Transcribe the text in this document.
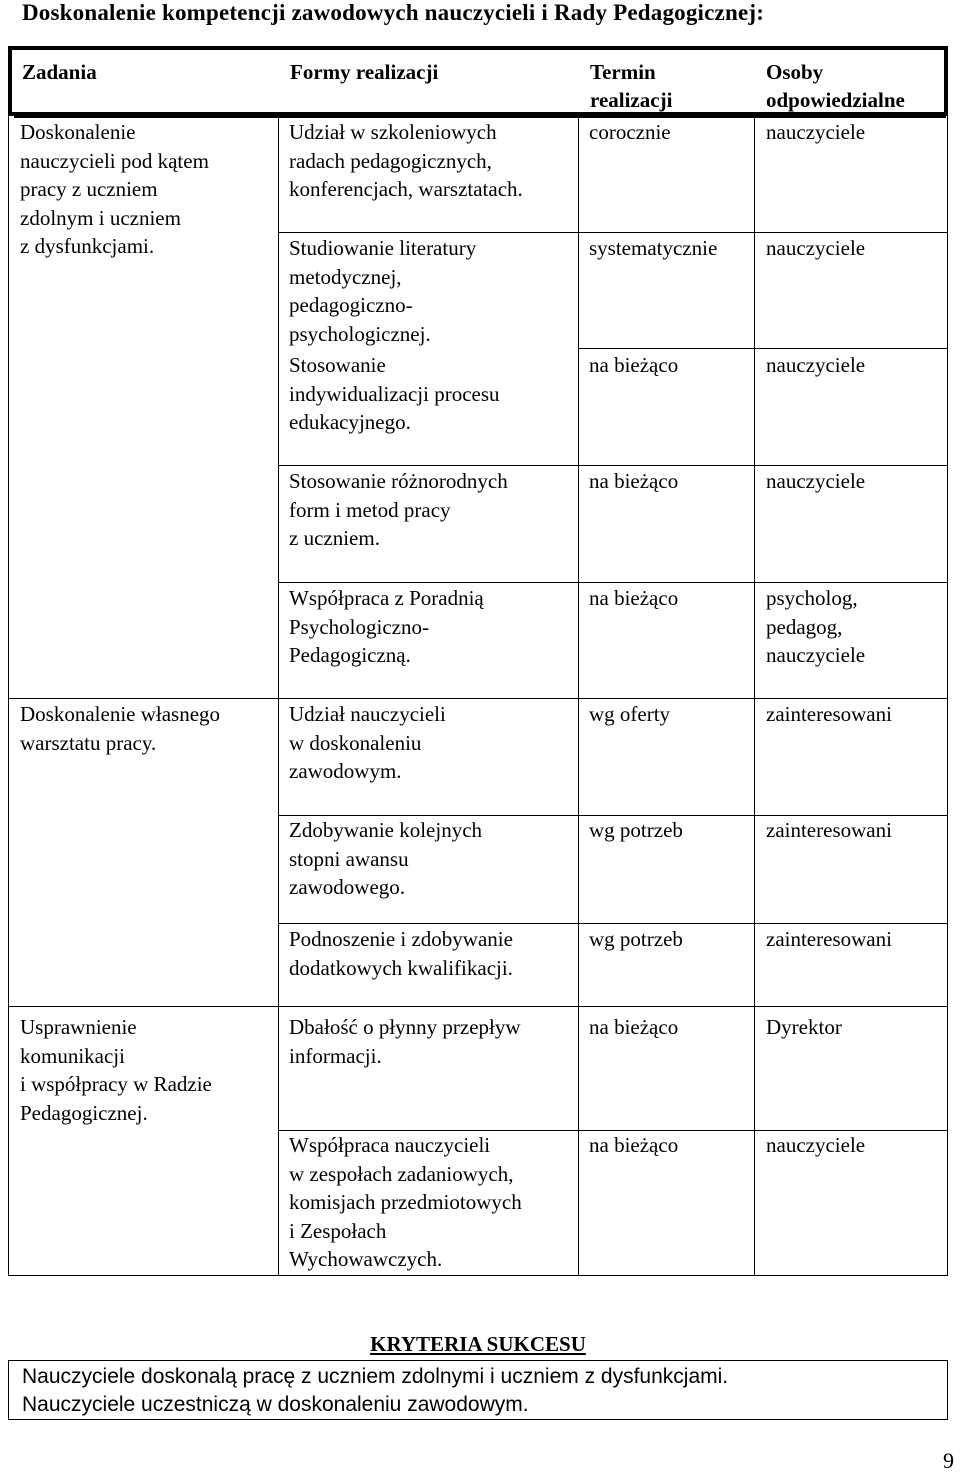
Doskonalenie kompetencji zawodowych nauczycieli i Rady Pedagogicznej:
Zadania	Formy realizacji	Termin
realizacji
Osoby
odpowiedzialne
Doskonalenie
nauczycieli pod kątem
pracy z uczniem
zdolnym i uczniem
z dysfunkcjami.
Doskonalenie własnego
warsztatu pracy.
Usprawnienie
komunikacji
i współpracy w Radzie
Pedagogicznej.
Udział w szkoleniowych
radach pedagogicznych,
konferencjach, warsztatach.
Studiowanie literatury
metodycznej,
pedagogiczno-
psychologicznej.
Stosowanie
indywidualizacji procesu
edukacyjnego.
Stosowanie różnorodnych
form i metod pracy
z uczniem.
Współpraca z Poradnią
Psychologiczno-
Pedagogiczną.
Udział nauczycieli
w doskonaleniu
zawodowym.
Zdobywanie kolejnych
stopni awansu
zawodowego.
Podnoszenie i zdobywanie
dodatkowych kwalifikacji.
Dbałość o płynny przepływ
informacji.
Współpraca nauczycieli
w zespołach zadaniowych,
komisjach przedmiotowych
i Zespołach
Wychowawczych.
corocznie
systematycznie
na bieżąco
na bieżąco
na bieżąco
wg oferty
wg potrzeb
wg potrzeb
na bieżąco
na bieżąco
nauczyciele
nauczyciele
nauczyciele
nauczyciele
psycholog,
pedagog,
nauczyciele
zainteresowani
zainteresowani
zainteresowani
Dyrektor
nauczyciele
KRYTERIA SUKCESU
Nauczyciele doskonalą pracę z uczniem zdolnymi i uczniem z dysfunkcjami.
Nauczyciele uczestniczą w doskonaleniu zawodowym.
9
